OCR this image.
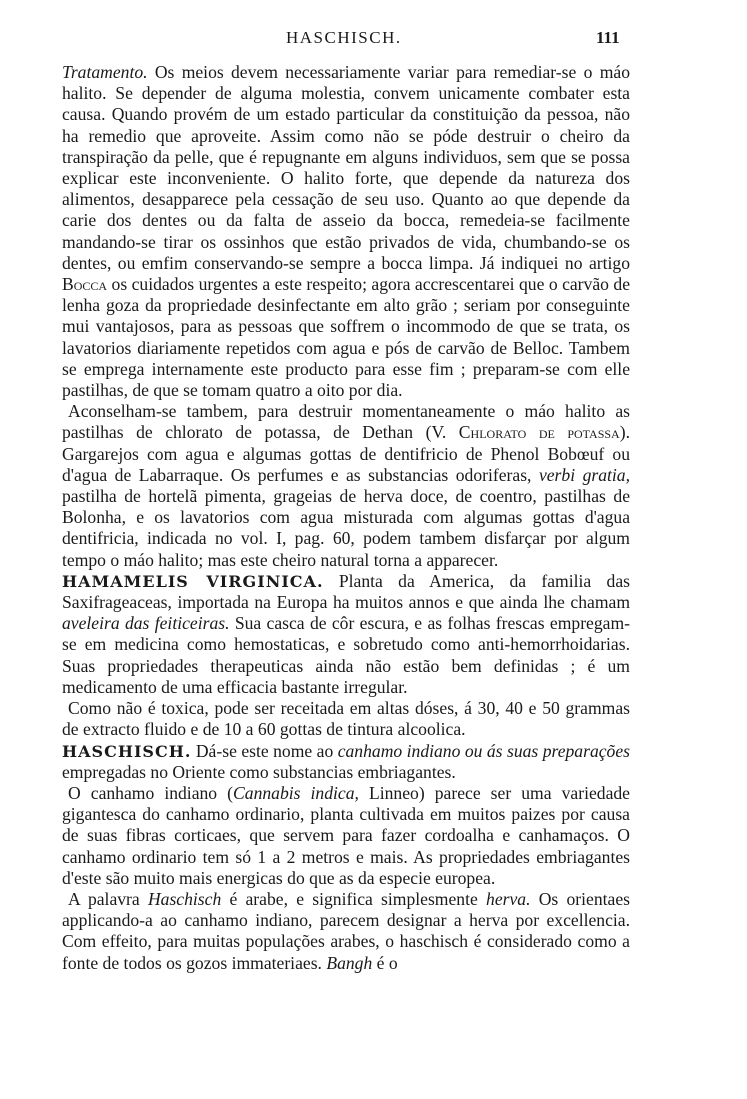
HASCHISCH.	111

Tratamento. Os meios devem necessariamente variar para remediar-se o máo halito. Se depender de alguma molestia, convem unicamente combater esta causa. Quando provém de um estado particular da constituição da pessoa, não ha remedio que aproveite. Assim como não se póde destruir o cheiro da transpiração da pelle, que é repugnante em alguns individuos, sem que se possa explicar este inconveniente. O halito forte, que depende da natureza dos alimentos, desapparece pela cessação de seu uso. Quanto ao que depende da carie dos dentes ou da falta de asseio da bocca, remedeia-se facilmente mandando-se tirar os ossinhos que estão privados de vida, chumbando-se os dentes, ou emfim conservando-se sempre a bocca limpa. Já indiquei no artigo Bocca os cuidados urgentes a este respeito; agora accrescentarei que o carvão de lenha goza da propriedade desinfectante em alto grão ; seriam por conseguinte mui vantajosos, para as pessoas que soffrem o incommodo de que se trata, os lavatorios diariamente repetidos com agua e pós de carvão de Belloc. Tambem se emprega internamente este producto para esse fim ; preparam-se com elle pastilhas, de que se tomam quatro a oito por dia.

Aconselham-se tambem, para destruir momentaneamente o máo halito as pastilhas de chlorato de potassa, de Dethan (V. Chlorato de potassa). Gargarejos com agua e algumas gottas de dentifricio de Phenol Bobœuf ou d'agua de Labarraque. Os perfumes e as substancias odoriferas, verbi gratia, pastilha de hortelã pimenta, grageias de herva doce, de coentro, pastilhas de Bolonha, e os lavatorios com agua misturada com algumas gottas d'agua dentifricia, indicada no vol. I, pag. 60, podem tambem disfarçar por algum tempo o máo halito; mas este cheiro natural torna a apparecer.

HAMAMELIS VIRGINICA. Planta da America, da familia das Saxifrageaceas, importada na Europa ha muitos annos e que ainda lhe chamam aveleira das feiticeiras. Sua casca de côr escura, e as folhas frescas empregam-se em medicina como hemostaticas, e sobretudo como anti-hemorrhoidarias. Suas propriedades therapeuticas ainda não estão bem definidas ; é um medicamento de uma efficacia bastante irregular.

Como não é toxica, pode ser receitada em altas dóses, á 30, 40 e 50 grammas de extracto fluido e de 10 a 60 gottas de tintura alcoolica.

HASCHISCH. Dá-se este nome ao canhamo indiano ou ás suas preparações empregadas no Oriente como substancias embriagantes.

O canhamo indiano (Cannabis indica, Linneo) parece ser uma variedade gigantesca do canhamo ordinario, planta cultivada em muitos paizes por causa de suas fibras corticaes, que servem para fazer cordoalha e canhamaços. O canhamo ordinario tem só 1 a 2 metros e mais. As propriedades embriagantes d'este são muito mais energicas do que as da especie europea.

A palavra Haschisch é arabe, e significa simplesmente herva. Os orientaes applicando-a ao canhamo indiano, parecem designar a herva por excellencia. Com effeito, para muitas populações arabes, o haschisch é considerado como a fonte de todos os gozos immateriaes. Bangh é o
